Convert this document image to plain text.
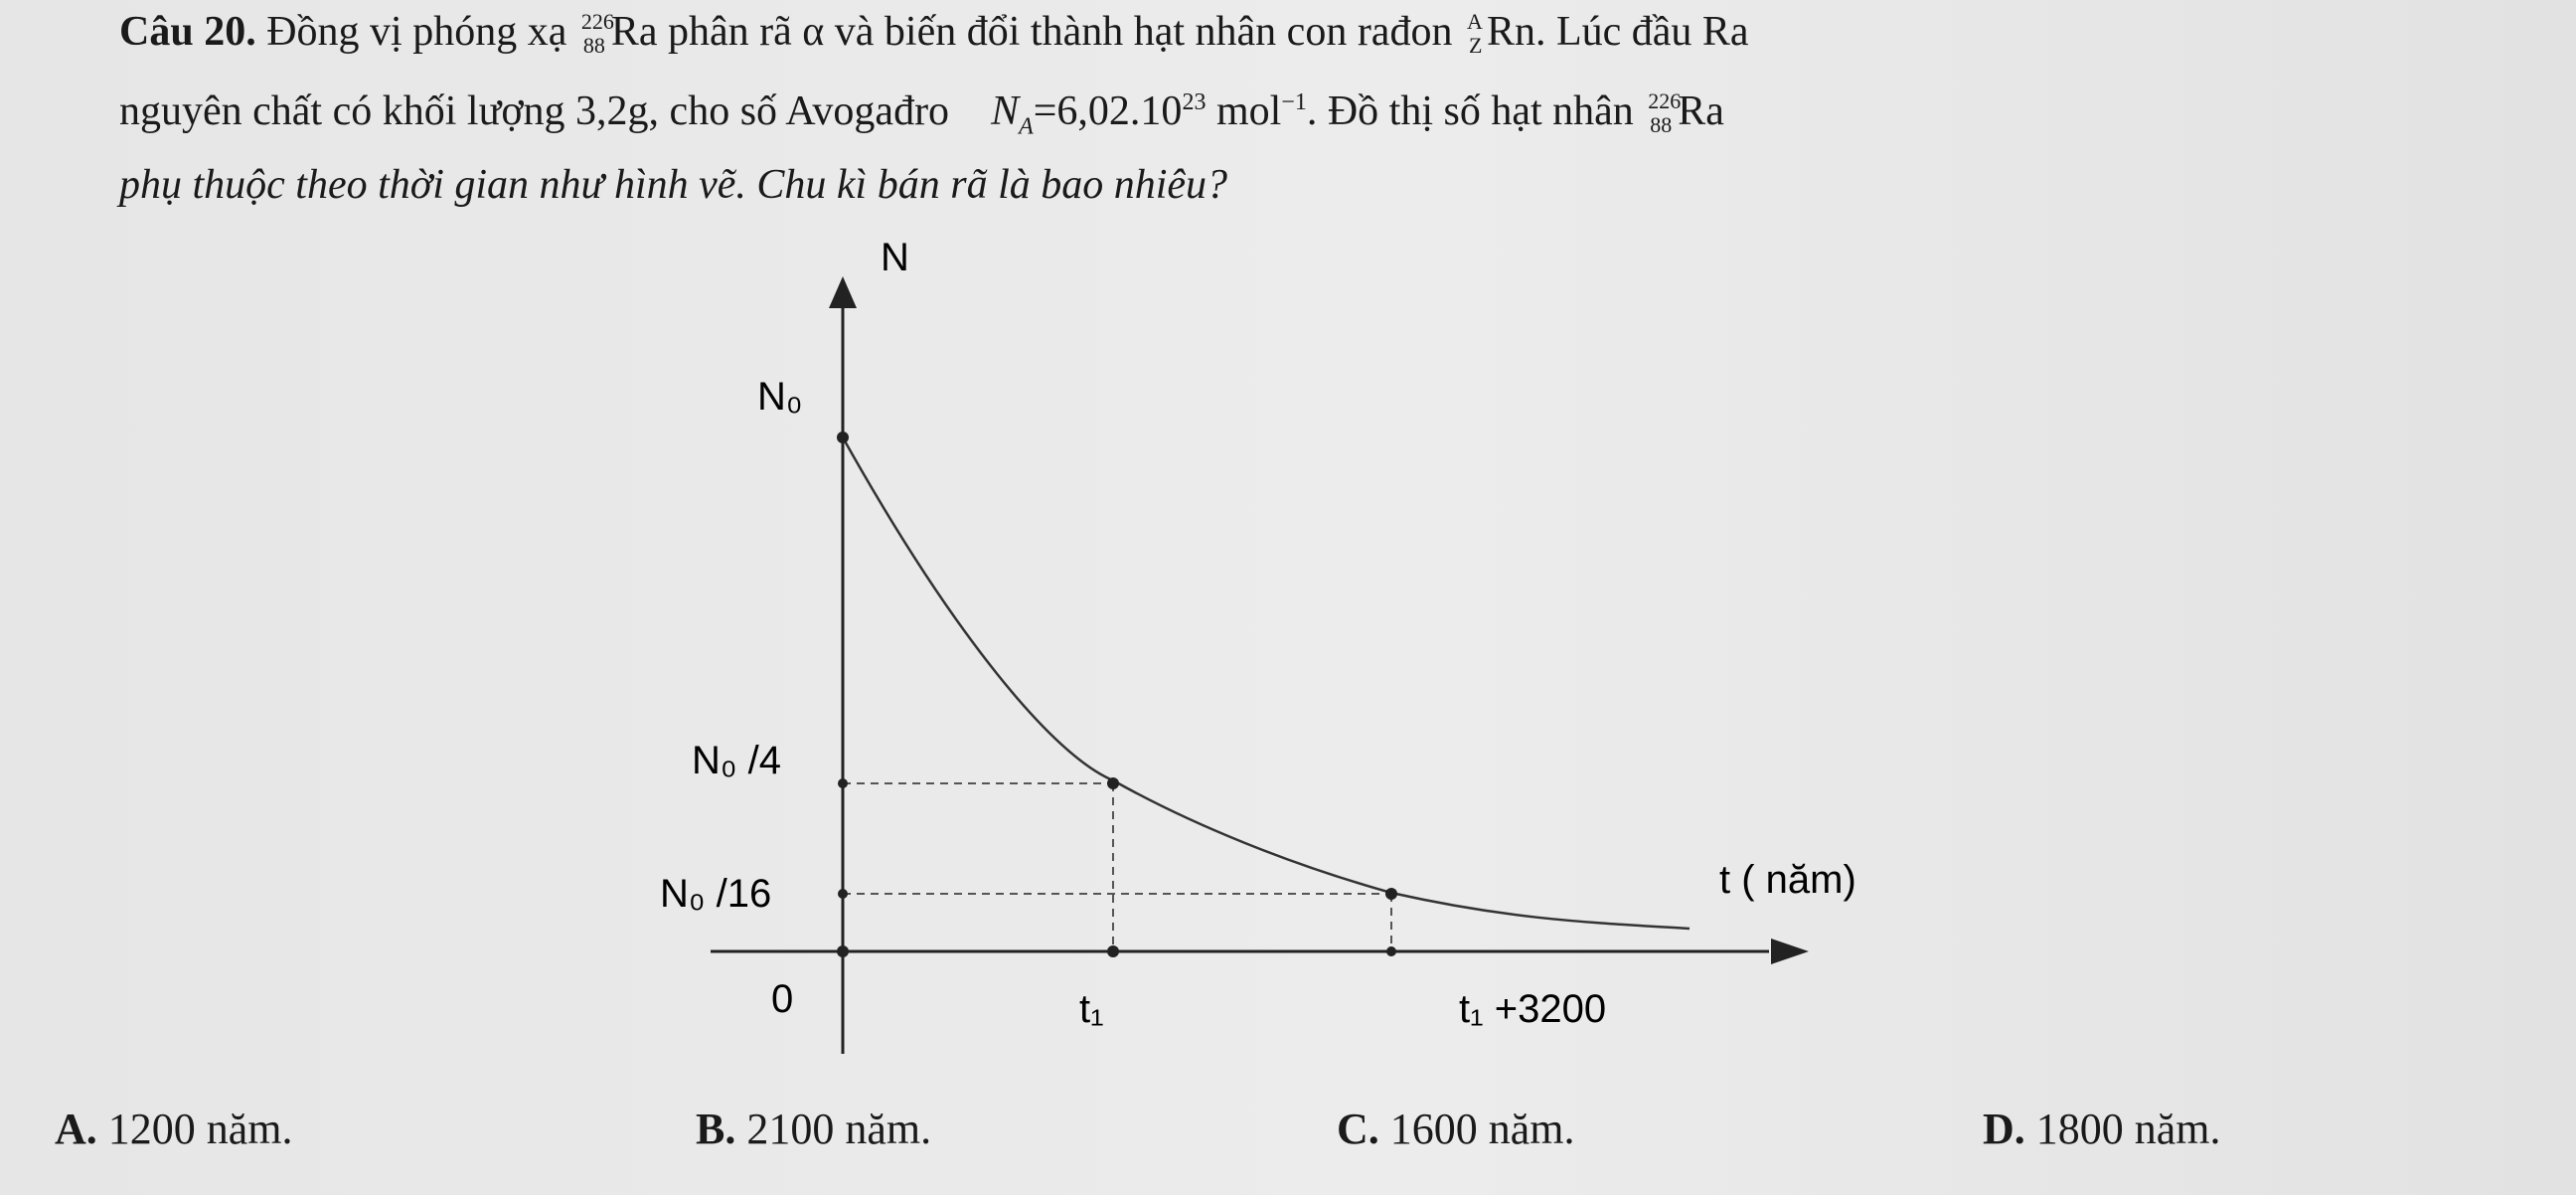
Câu 20. Đồng vị phóng xạ 226
88 Ra phân rã α và biến đổi thành hạt nhân con rađon A
Z Rn. Lúc đầu Ra
nguyên chất có khối lượng 3,2g, cho số Avogađro $N_A=6,02.10^{23}$ mol$^{-1}$. Đồ thị số hạt nhân 226
88 Ra
phụ thuộc theo thời gian như hình vẽ. Chu kì bán rã là bao nhiêu?
N
N₀
N₀ /4
N₀ /16	t ( năm)
0	t₁	t₁ +3200
A. 1200 năm.	B. 2100 năm.	C. 1600 năm.	D. 1800 năm.
